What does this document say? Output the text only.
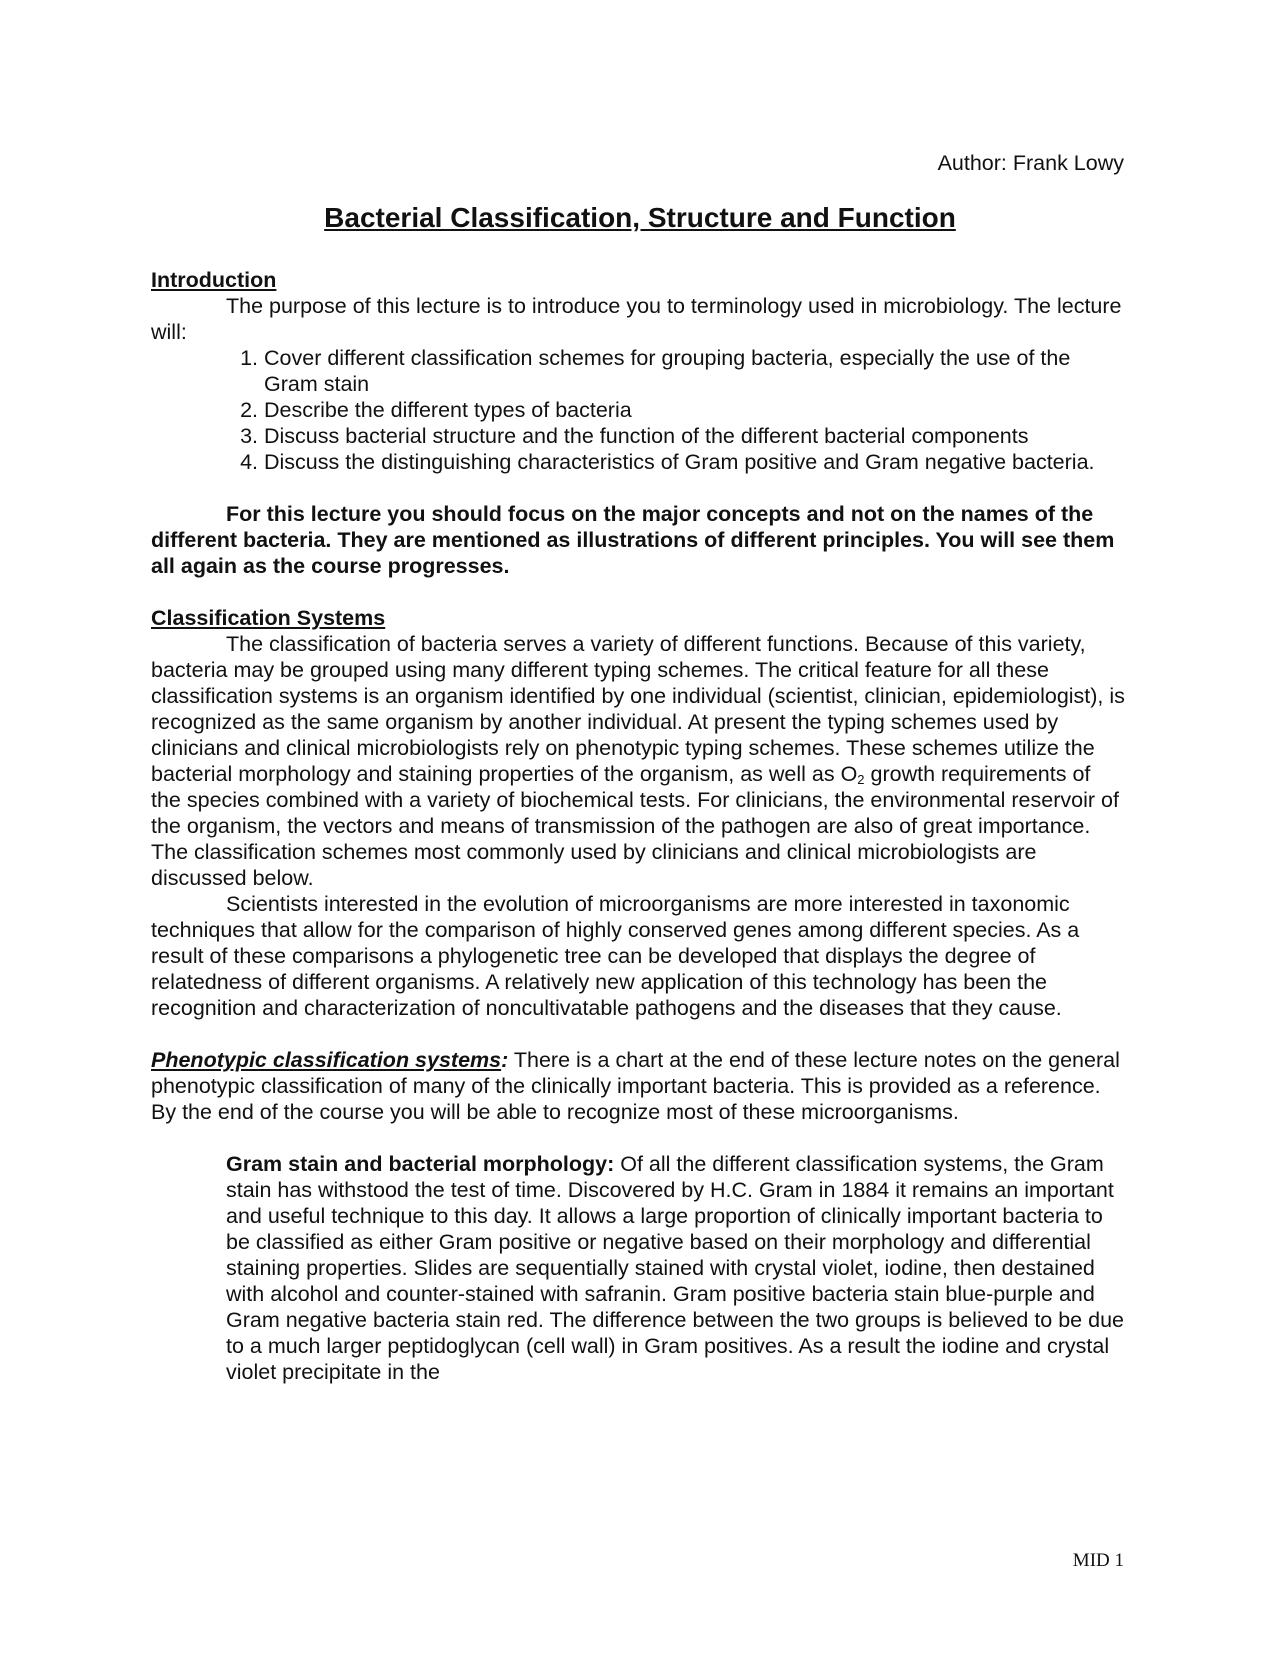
Author: Frank Lowy
Bacterial Classification, Structure and Function

Introduction

The purpose of this lecture is to introduce you to terminology used in microbiology. The lecture will:

1. Cover different classification schemes for grouping bacteria, especially the use of the Gram stain
2. Describe the different types of bacteria
3. Discuss bacterial structure and the function of the different bacterial components
4. Discuss the distinguishing characteristics of Gram positive and Gram negative bacteria.

For this lecture you should focus on the major concepts and not on the names of the different bacteria. They are mentioned as illustrations of different principles. You will see them all again as the course progresses.

Classification Systems

The classification of bacteria serves a variety of different functions. Because of this variety, bacteria may be grouped using many different typing schemes. The critical feature for all these classification systems is an organism identified by one individual (scientist, clinician, epidemiologist), is recognized as the same organism by another individual. At present the typing schemes used by clinicians and clinical microbiologists rely on phenotypic typing schemes. These schemes utilize the bacterial morphology and staining properties of the organism, as well as $O_2$ growth requirements of the species combined with a variety of biochemical tests. For clinicians, the environmental reservoir of the organism, the vectors and means of transmission of the pathogen are also of great importance. The classification schemes most commonly used by clinicians and clinical microbiologists are discussed below.

Scientists interested in the evolution of microorganisms are more interested in taxonomic techniques that allow for the comparison of highly conserved genes among different species. As a result of these comparisons a phylogenetic tree can be developed that displays the degree of relatedness of different organisms. A relatively new application of this technology has been the recognition and characterization of noncultivatable pathogens and the diseases that they cause.

Phenotypic classification systems: There is a chart at the end of these lecture notes on the general phenotypic classification of many of the clinically important bacteria. This is provided as a reference. By the end of the course you will be able to recognize most of these microorganisms.

Gram stain and bacterial morphology: Of all the different classification systems, the Gram stain has withstood the test of time. Discovered by H.C. Gram in 1884 it remains an important and useful technique to this day. It allows a large proportion of clinically important bacteria to be classified as either Gram positive or negative based on their morphology and differential staining properties. Slides are sequentially stained with crystal violet, iodine, then destained with alcohol and counter-stained with safranin. Gram positive bacteria stain blue-purple and Gram negative bacteria stain red. The difference between the two groups is believed to be due to a much larger peptidoglycan (cell wall) in Gram positives. As a result the iodine and crystal violet precipitate in the

MID 1
